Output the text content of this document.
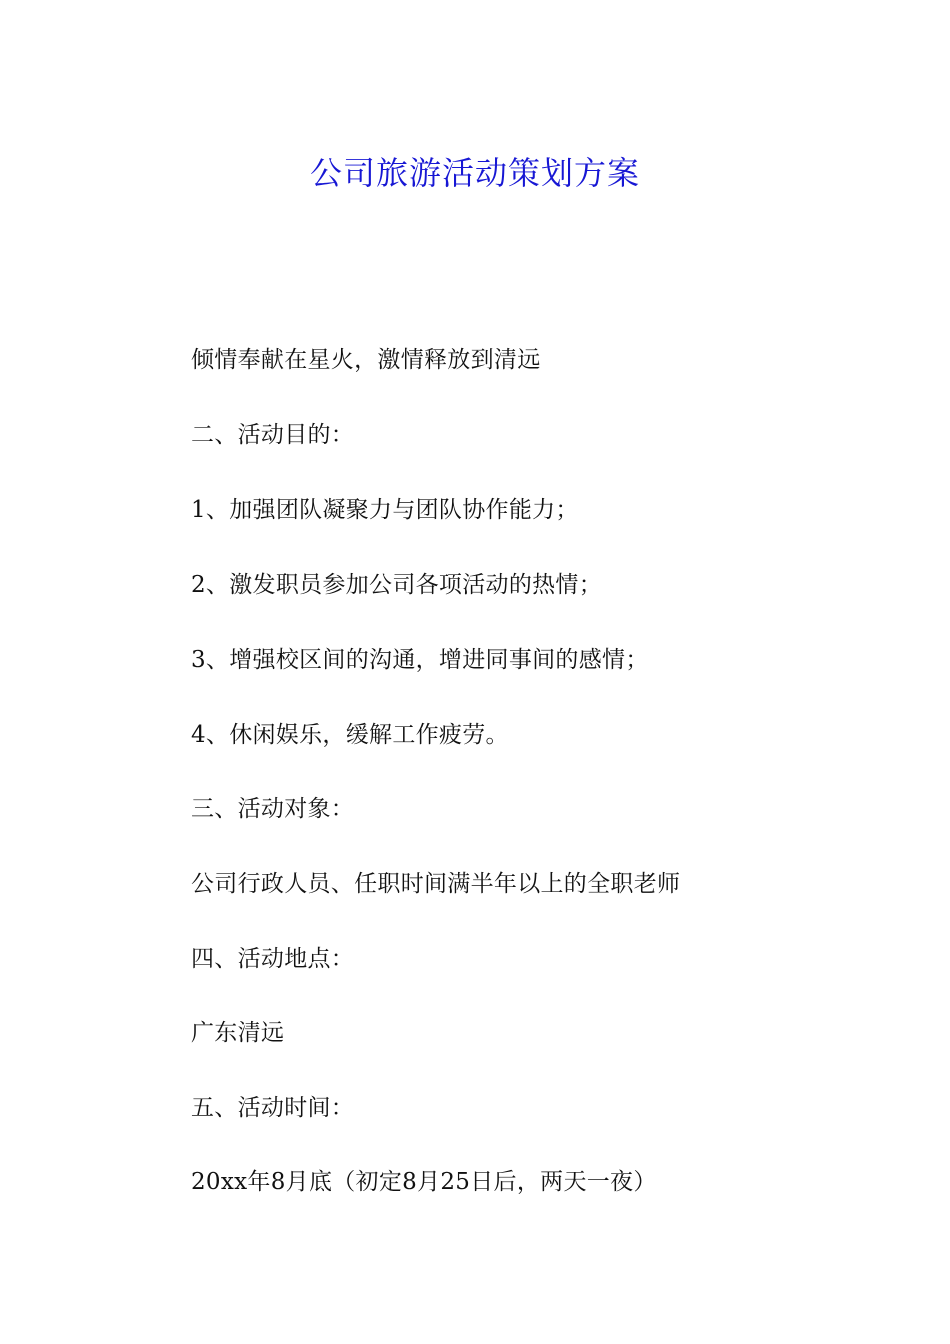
公司旅游活动策划方案
倾情奉献在星火，激情释放到清远
二、活动目的：
1、加强团队凝聚力与团队协作能力；
2、激发职员参加公司各项活动的热情；
3、增强校区间的沟通，增进同事间的感情；
4、休闲娱乐，缓解工作疲劳。
三、活动对象：
公司行政人员、任职时间满半年以上的全职老师
四、活动地点：
广东清远
五、活动时间：
20xx年8月底（初定8月25日后，两天一夜）
